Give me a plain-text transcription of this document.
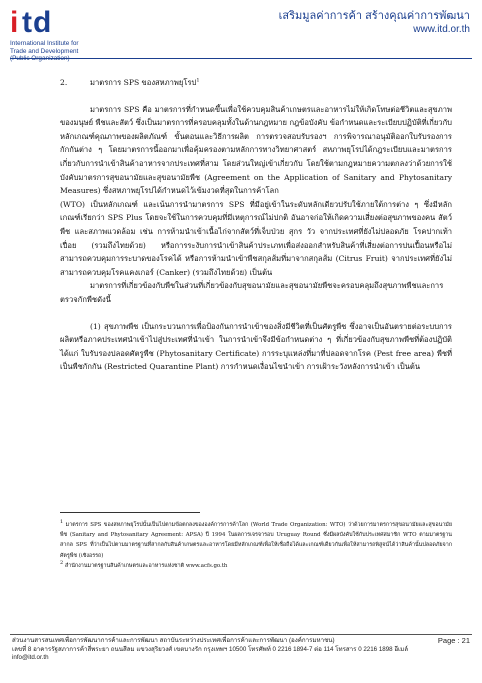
i td
International Institute for
Trade and Development
เสริมมูลค่าการค้า สร้างคุณค่าการพัฒนา
www.itd.or.th

2.	มาตรการ SPS ของสหภาพยุโรป$^1$

มาตรการ SPS คือ มาตรการที่กำหนดขึ้นเพื่อใช้ควบคุมสินค้าเกษตรและอาหารไม่ให้เกิดโทษต่อชีวิตและสุขภาพของมนุษย์ พืชและสัตว์ ซึ่งเป็นมาตรการที่ครอบคลุมทั้งในด้านกฎหมาย กฎข้อบังคับ ข้อกำหนดและระเบียบปฏิบัติที่เกี่ยวกับหลักเกณฑ์คุณภาพของผลิตภัณฑ์ ขั้นตอนและวิธีการผลิต การตรวจสอบรับรองฯ การพิจารณาอนุมัติออกใบรับรองการกักกันต่าง ๆ โดยมาตรการนี้ออกมาเพื่อคุ้มครองตามหลักการทางวิทยาศาสตร์ สหภาพยุโรปได้กฎระเบียบและมาตรการเกี่ยวกับการนำเข้าสินค้าอาหารจากประเทศที่สาม โดยส่วนใหญ่เข้าเกี่ยวกับ โดยใช้ตามกฎหมายความตกลงว่าด้วยการใช้บังคับมาตรการสุขอนามัยและสุขอนามัยพืช (Agreement on the Application of Sanitary and Phytosanitary Measures) ซึ่งสหภาพยุโรปได้กำหนดไว้เข้มงวดที่สุดในการค้าโลก

(WTO) เป็นหลักเกณฑ์ และเน้นการนำมาตรการ SPS ที่มีอยู่เข้าในระดับหลักเดียวปรับใช้ภายใต้การต่าง ๆ ซึ่งมีหลักเกณฑ์เรียกว่า SPS Plus โดยจะใช้ในการควบคุมที่มีเหตุการณ์ไม่ปกติ อันอาจก่อให้เกิดความเสี่ยงต่อสุขภาพของคน สัตว์ พืช และสภาพแวดล้อม เช่น การห้ามนำเข้าเนื้อไก่จากสัตว์ที่เจ็บป่วย สุกร วัว จากประเทศที่ยังไม่ปลอดภัย โรคปากเท้าเปื่อย (รวมถึงไทยด้วย) หรือการระงับการนำเข้าสินค้าประเภทเพื่อส่งออกสำหรับสินค้าที่เสี่ยงต่อการปนเปื้อนหรือไม่สามารถควบคุมการระบาดของโรคได้ หรือการห้ามนำเข้าพืชสกุลส้มที่มาจากสกุลส้ม (Citrus Fruit) จากประเทศที่ยังไม่สามารถควบคุมโรคแคงเกอร์ (Canker) (รวมถึงไทยด้วย) เป็นต้น

มาตรการที่เกี่ยวข้องกับพืชในส่วนที่เกี่ยวข้องกับสุขอนามัยและสุขอนามัยพืชจะครอบคลุมถึงสุขภาพพืชและการตรวจกักพืชดังนี้

(1) สุขภาพพืช เป็นกระบวนการเพื่อป้องกันการนำเข้าของสิ่งมีชีวิตที่เป็นศัตรูพืช ซึ่งอาจเป็นอันตรายต่อระบบการผลิตหรือภาคประเทศนำเข้าไปสู่ประเทศที่นำเข้า ในการนำเข้าจึงมีข้อกำหนดต่าง ๆ ที่เกี่ยวข้องกับสุขภาพพืชที่ต้องปฏิบัติได้แก่ ใบรับรองปลอดศัตรูพืช (Phytosanitary Certificate) การระบุแหล่งที่มาที่ปลอดจากโรค (Pest free area) พืชที่เป็นพืชกักกัน (Restricted Quarantine Plant) การกำหนดเงื่อนไขนำเข้า การเฝ้าระวังหลังการนำเข้า เป็นต้น

1 มาตรการ SPS ของสหภาพยุโรปนั้นเป็นไปตามข้อตกลงขององค์การการค้าโลก (World Trade Organization: WTO) ว่าด้วยการมาตรการสุขอนามัยและสุขอนามัยพืช (Sanitary and Phytosanitary Agreement: APSA) ปี 1994 ในผลการเจรจารอบ Uruguay Round ซึ่งมีผลบังคับใช้กับประเทศสมาชิก WTO ตามมาตรฐานสากล SPS ที่ว่าเป็นไปตามมาตรฐานที่สากลกับสินค้าเกษตรและอาหารโดยมีหลักเกณฑ์เพื่อให้เชื่อถือได้และเกณฑ์เดียวกันเพื่อให้สามารถพิสูจน์ได้ว่าสินค้านั้นปลอดภัยจากศัตรูพืช (เชิงอรรถ)

2 สำนักงานมาตรฐานสินค้าเกษตรและอาหารแห่งชาติ www.acfs.go.th

ส่วนงานสารสนเทศเพื่อการพัฒนาการค้าและการพัฒนา สถาบันระหว่างประเทศเพื่อการค้าและการพัฒนา (องค์การมหาชน)
เลขที่ 8 อาคารรัฐสภาการค้าสี่พระยา ถนนสีลม แขวงสุริยวงศ์ เขตบางรัก กรุงเทพฯ 10500 โทรศัพท์ 0 2216 1894-7 ต่อ 114 โทรสาร 0 2216 1898 อีเมล์ info@itd.or.th
Page : 21
